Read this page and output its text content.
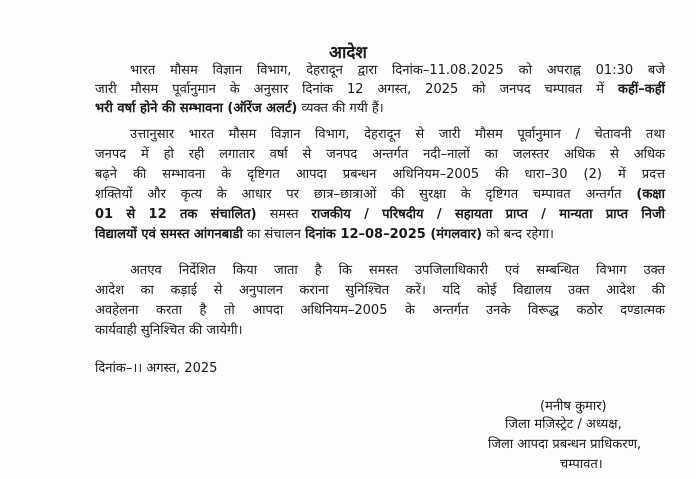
आदेश
भारत मौसम विज्ञान विभाग, देहरादून द्वारा दिनांक–11.08.2025 को अपराह्न 01:30 बजे
जारी मौसम पूर्वानुमान के अनुसार दिनांक 12 अगस्त, 2025 को जनपद चम्पावत में कहीं–कहीं
भरी वर्षा होने की सम्भावना (ऑरेंज अलर्ट) व्यक्त की गयी हैं।
उत्तानुसार भारत मौसम विज्ञान विभाग, देहरादून से जारी मौसम पूर्वानुमान / चेतावनी तथा
जनपद में हो रही लगातार वर्षा से जनपद अन्तर्गत नदी–नालों का जलस्तर अधिक से अधिक
बढ़ने की सम्भावना के दृष्टिगत आपदा प्रबन्धन अधिनियम–2005 की धारा–30 (2) में प्रदत्त
शक्तियों और कृत्य के आधार पर छात्र–छात्राओं की सुरक्षा के दृष्टिगत चम्पावत अन्तर्गत (कक्षा
01 से 12 तक संचालित) समस्त राजकीय / परिषदीय / सहायता प्राप्त / मान्यता प्राप्त निजी
विद्यालयों एवं समस्त आंगनबाडी का संचालन दिनांक 12–08–2025 (मंगलवार) को बन्द रहेगा।
अतएव निर्देशित किया जाता है कि समस्त उपजिलाधिकारी एवं सम्बन्धित विभाग उक्त
आदेश का कड़ाई से अनुपालन कराना सुनिश्चित करें। यदि कोई विद्यालय उक्त आदेश की
अवहेलना करता है तो आपदा अधिनियम–2005 के अन्तर्गत उनके विरूद्ध कठोर दण्डात्मक
कार्यवाही सुनिश्चित की जायेगी।
दिनांक–।। अगस्त, 2025
(मनीष कुमार)
जिला मजिस्ट्रेट / अध्यक्ष,
जिला आपदा प्रबन्धन प्राधिकरण,
चम्पावत।
